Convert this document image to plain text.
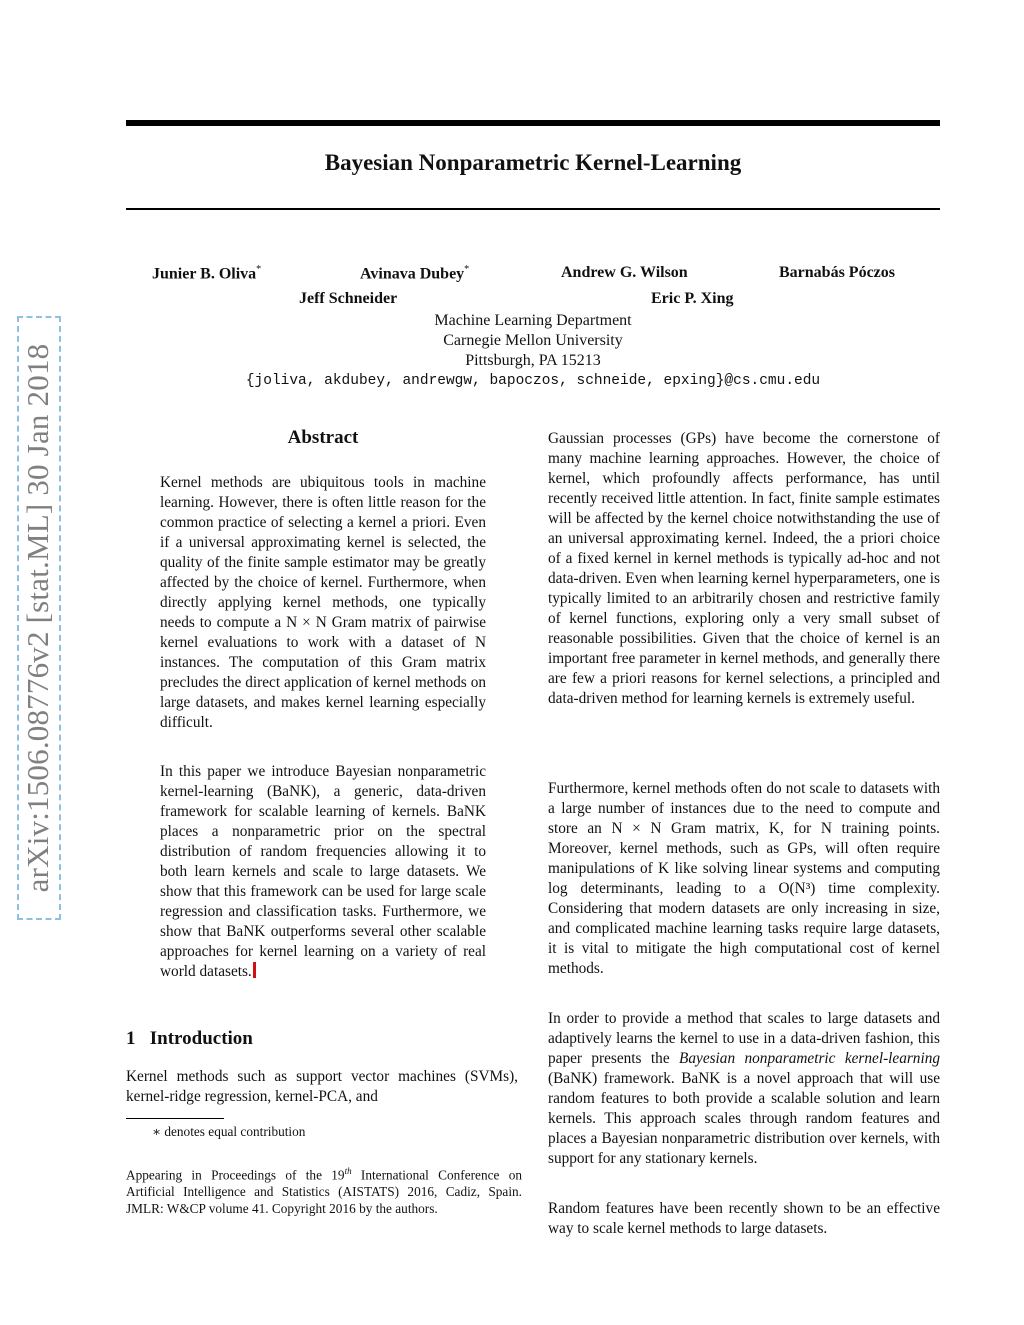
arXiv:1506.08776v2 [stat.ML] 30 Jan 2018
Bayesian Nonparametric Kernel-Learning
Junier B. Oliva*	Avinava Dubey*	Andrew G. Wilson	Barnabás Póczos
Jeff Schneider	Eric P. Xing
Machine Learning Department
Carnegie Mellon University
Pittsburgh, PA 15213
{joliva, akdubey, andrewgw, bapoczos, schneide, epxing}@cs.cmu.edu
Abstract

Kernel methods are ubiquitous tools in machine learning. However, there is often little reason for the common practice of selecting a kernel a priori. Even if a universal approximating kernel is selected, the quality of the finite sample estimator may be greatly affected by the choice of kernel. Furthermore, when directly applying kernel methods, one typically needs to compute a N × N Gram matrix of pairwise kernel evaluations to work with a dataset of N instances. The computation of this Gram matrix precludes the direct application of kernel methods on large datasets, and makes kernel learning especially difficult.

In this paper we introduce Bayesian nonparametric kernel-learning (BaNK), a generic, data-driven framework for scalable learning of kernels. BaNK places a nonparametric prior on the spectral distribution of random frequencies allowing it to both learn kernels and scale to large datasets. We show that this framework can be used for large scale regression and classification tasks. Furthermore, we show that BaNK outperforms several other scalable approaches for kernel learning on a variety of real world datasets.

1 Introduction

Kernel methods such as support vector machines (SVMs), kernel-ridge regression, kernel-PCA, and

∗ denotes equal contribution
Appearing in Proceedings of the 19th International Conference on Artificial Intelligence and Statistics (AISTATS) 2016, Cadiz, Spain. JMLR: W&CP volume 41. Copyright 2016 by the authors.

Gaussian processes (GPs) have become the cornerstone of many machine learning approaches. However, the choice of kernel, which profoundly affects performance, has until recently received little attention. In fact, finite sample estimates will be affected by the kernel choice notwithstanding the use of an universal approximating kernel. Indeed, the a priori choice of a fixed kernel in kernel methods is typically ad-hoc and not data-driven. Even when learning kernel hyperparameters, one is typically limited to an arbitrarily chosen and restrictive family of kernel functions, exploring only a very small subset of reasonable possibilities. Given that the choice of kernel is an important free parameter in kernel methods, and generally there are few a priori reasons for kernel selections, a principled and data-driven method for learning kernels is extremely useful.

Furthermore, kernel methods often do not scale to datasets with a large number of instances due to the need to compute and store an N × N Gram matrix, K, for N training points. Moreover, kernel methods, such as GPs, will often require manipulations of K like solving linear systems and computing log determinants, leading to a O(N³) time complexity. Considering that modern datasets are only increasing in size, and complicated machine learning tasks require large datasets, it is vital to mitigate the high computational cost of kernel methods.

In order to provide a method that scales to large datasets and adaptively learns the kernel to use in a data-driven fashion, this paper presents the Bayesian nonparametric kernel-learning (BaNK) framework. BaNK is a novel approach that will use random features to both provide a scalable solution and learn kernels. This approach scales through random features and places a Bayesian nonparametric distribution over kernels, with support for any stationary kernels.

Random features have been recently shown to be an effective way to scale kernel methods to large datasets.
